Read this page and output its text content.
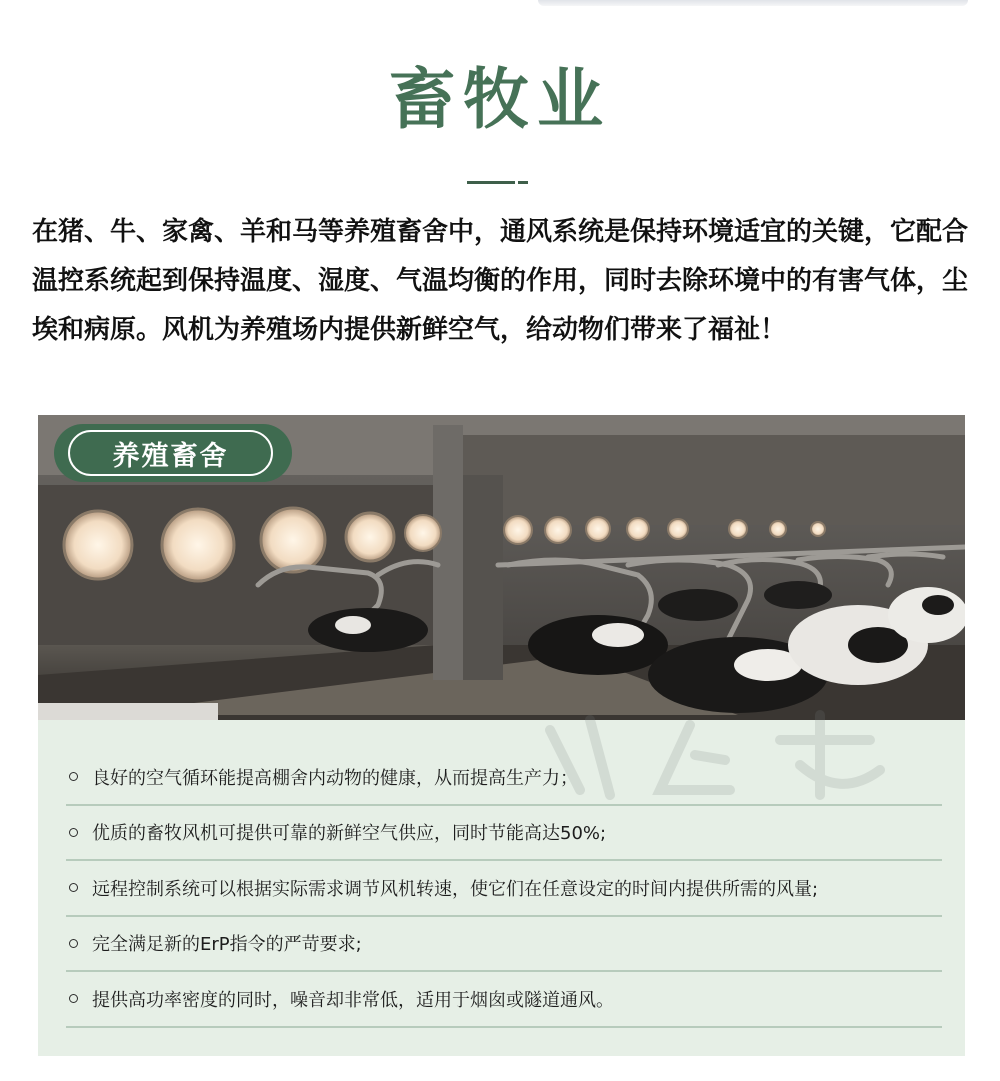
畜牧业

在猪、牛、家禽、羊和马等养殖畜舍中，通风系统是保持环境适宜的关键，它配合温控系统起到保持温度、湿度、气温均衡的作用，同时去除环境中的有害气体，尘埃和病原。风机为养殖场内提供新鲜空气，给动物们带来了福祉！

养殖畜舍
良好的空气循环能提高棚舍内动物的健康，从而提高生产力；
优质的畜牧风机可提供可靠的新鲜空气供应，同时节能高达50%;
远程控制系统可以根据实际需求调节风机转速，使它们在任意设定的时间内提供所需的风量;
完全满足新的ErP指令的严苛要求;
提供高功率密度的同时，噪音却非常低，适用于烟囱或隧道通风。
